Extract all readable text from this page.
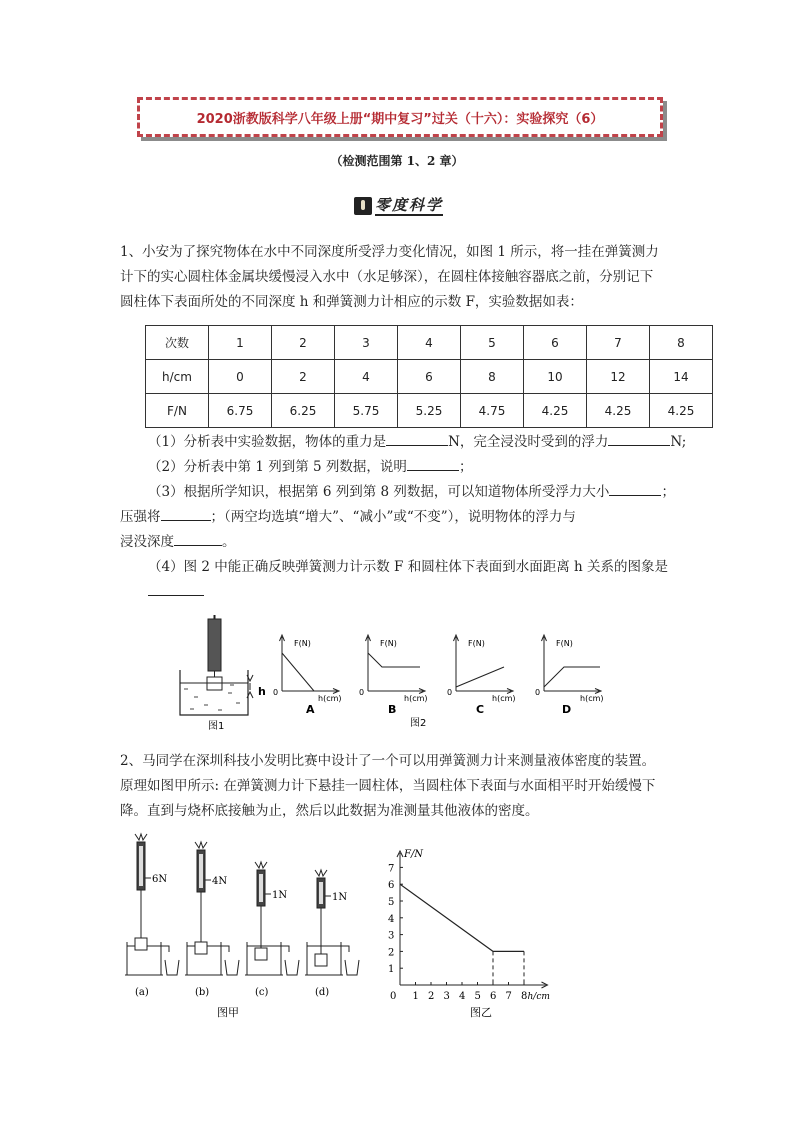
2020浙教版科学八年级上册“期中复习”过关（十六）：实验探究（6）
（检测范围第 1、2 章）
零度科学
1、小安为了探究物体在水中不同深度所受浮力变化情况，如图 1 所示，将一挂在弹簧测力
计下的实心圆柱体金属块缓慢浸入水中（水足够深），在圆柱体接触容器底之前，分别记下
圆柱体下表面所处的不同深度 h 和弹簧测力计相应的示数 F，实验数据如表：
次数	1	2	3	4	5	6	7	8
h/cm	0	2	4	6	8	10	12	14
F/N	6.75	6.25	5.75	5.25	4.75	4.25	4.25	4.25
（1）分析表中实验数据，物体的重力是	N，完全浸没时受到的浮力	N;
（2）分析表中第 1 列到第 5 列数据，说明	；
（3）根据所学知识，根据第 6 列到第 8 列数据，可以知道物体所受浮力大小	；
压强将	；（两空均选填“增大”、“减小”或“不变”），说明物体的浮力与
浸没深度	。
（4）图 2 中能正确反映弹簧测力计示数 F 和圆柱体下表面到水面距离 h 关系的图象是
h
图1
F(N)
h(cm)
0
A
F(N)
h(cm)
0
B
F(N)
h(cm)
0
C
F(N)
h(cm)
0
D
图2
2、马同学在深圳科技小发明比赛中设计了一个可以用弹簧测力计来测量液体密度的装置。
原理如图甲所示: 在弹簧测力计下悬挂一圆柱体，当圆柱体下表面与水面相平时开始缓慢下
降。直到与烧杯底接触为止，然后以此数据为准测量其他液体的密度。
6N
(a)
4N
(b)
1N
(c)
1N
(d)
图甲
F/N
h/cm
0 1 2 3 4 5 6 7 8
1
2
3
4
5
6
7
图乙
